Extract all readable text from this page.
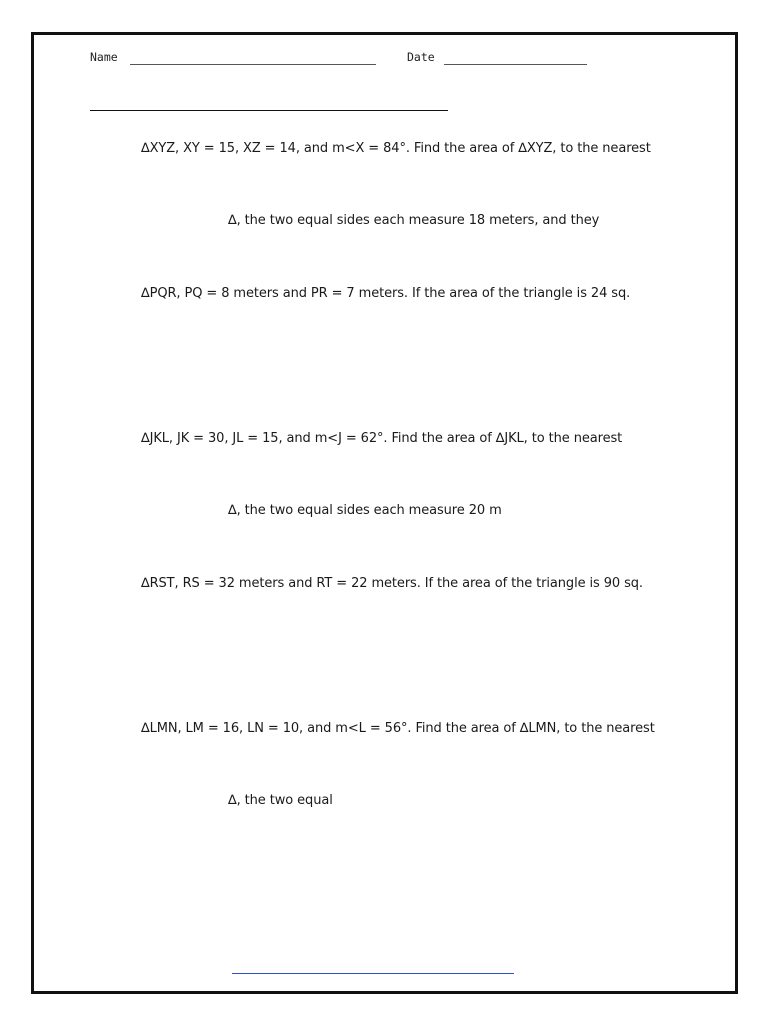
Name	Date
∆XYZ, XY = 15, XZ = 14, and m<X = 84°. Find the area of ∆XYZ, to the nearest
∆, the two equal sides each measure 18 meters, and they
∆PQR, PQ = 8 meters and PR = 7 meters. If the area of the triangle is 24 sq.
∆JKL, JK = 30, JL = 15, and m<J = 62°. Find the area of ∆JKL, to the nearest
∆, the two equal sides each measure 20 m
∆RST, RS = 32 meters and RT = 22 meters. If the area of the triangle is 90 sq.
∆LMN, LM = 16, LN = 10, and m<L = 56°. Find the area of ∆LMN, to the nearest
∆, the two equal
